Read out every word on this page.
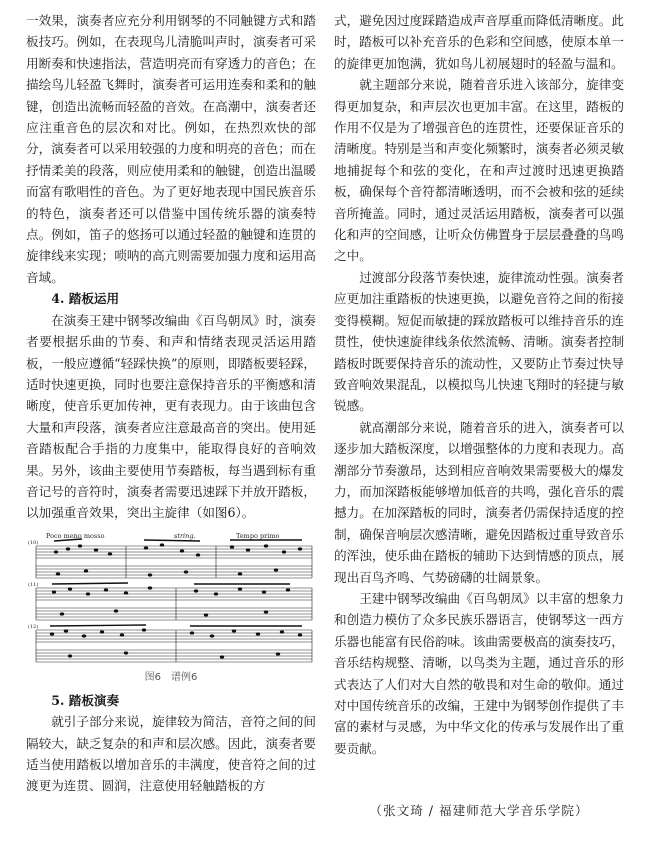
一效果，演奏者应充分利用钢琴的不同触键方式和踏板技巧。例如，在表现鸟儿清脆叫声时，演奏者可采用断奏和快速指法，营造明亮而有穿透力的音色；在描绘鸟儿轻盈飞舞时，演奏者可运用连奏和柔和的触键，创造出流畅而轻盈的音效。在高潮中，演奏者还应注重音色的层次和对比。例如，在热烈欢快的部分，演奏者可以采用较强的力度和明亮的音色；而在抒情柔美的段落，则应使用柔和的触键，创造出温暖而富有歌唱性的音色。为了更好地表现中国民族音乐的特色，演奏者还可以借鉴中国传统乐器的演奏特点。例如，笛子的悠扬可以通过轻盈的触键和连贯的旋律线来实现；唢呐的高亢则需要加强力度和运用高音域。

4. 踏板运用

在演奏王建中钢琴改编曲《百鸟朝凤》时，演奏者要根据乐曲的节奏、和声和情绪表现灵活运用踏板，一般应遵循“轻踩快换”的原则，即踏板要轻踩，适时快速更换，同时也要注意保持音乐的平衡感和清晰度，使音乐更加传神，更有表现力。由于该曲包含大量和声段落，演奏者应注意最高音的突出。使用延音踏板配合手指的力度集中，能取得良好的音响效果。另外，该曲主要使用节奏踏板，每当遇到标有重音记号的音符时，演奏者需要迅速踩下并放开踏板，以加强重音效果，突出主旋律（如图6）。

(10)
(11)
(12)
Poco meno mosso	string.	Tempo primo
图6　谱例6
5. 踏板演奏

就引子部分来说，旋律较为简洁，音符之间的间隔较大，缺乏复杂的和声和层次感。因此，演奏者要适当使用踏板以增加音乐的丰满度，使音符之间的过渡更为连贯、圆润，注意使用轻触踏板的方

式，避免因过度踩踏造成声音厚重而降低清晰度。此时，踏板可以补充音乐的色彩和空间感，使原本单一的旋律更加饱满，犹如鸟儿初展翅时的轻盈与温和。

就主题部分来说，随着音乐进入该部分，旋律变得更加复杂，和声层次也更加丰富。在这里，踏板的作用不仅是为了增强音色的连贯性，还要保证音乐的清晰度。特别是当和声变化频繁时，演奏者必须灵敏地捕捉每个和弦的变化，在和声过渡时迅速更换踏板，确保每个音符都清晰透明，而不会被和弦的延续音所掩盖。同时，通过灵活运用踏板，演奏者可以强化和声的空间感，让听众仿佛置身于层层叠叠的鸟鸣之中。

过渡部分段落节奏快速，旋律流动性强。演奏者应更加注重踏板的快速更换，以避免音符之间的衔接变得模糊。短促而敏捷的踩放踏板可以维持音乐的连贯性，使快速旋律线条依然流畅、清晰。演奏者控制踏板时既要保持音乐的流动性，又要防止节奏过快导致音响效果混乱，以模拟鸟儿快速飞翔时的轻捷与敏锐感。

就高潮部分来说，随着音乐的进入，演奏者可以逐步加大踏板深度，以增强整体的力度和表现力。高潮部分节奏激昂，达到相应音响效果需要极大的爆发力，而加深踏板能够增加低音的共鸣，强化音乐的震撼力。在加深踏板的同时，演奏者仍需保持适度的控制，确保音响层次感清晰，避免因踏板过重导致音乐的浑浊，使乐曲在踏板的辅助下达到情感的顶点，展现出百鸟齐鸣、气势磅礴的壮阔景象。

王建中钢琴改编曲《百鸟朝凤》以丰富的想象力和创造力模仿了众多民族乐器语言，使钢琴这一西方乐器也能富有民俗韵味。该曲需要极高的演奏技巧，音乐结构规整、清晰，以鸟类为主题，通过音乐的形式表达了人们对大自然的敬畏和对生命的敬仰。通过对中国传统音乐的改编，王建中为钢琴创作提供了丰富的素材与灵感，为中华文化的传承与发展作出了重要贡献。

（张文琦 / 福建师范大学音乐学院）
